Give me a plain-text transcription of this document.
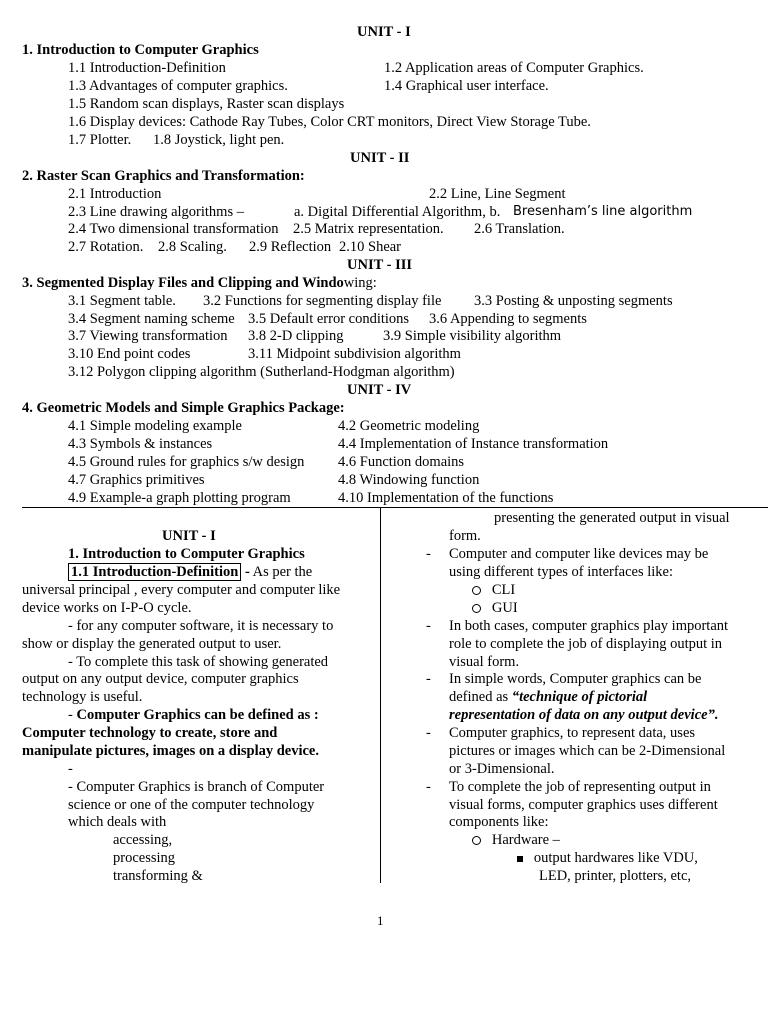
UNIT - I
1. Introduction to Computer Graphics
1.1 Introduction-Definition	1.2 Application areas of Computer Graphics.
1.3 Advantages of computer graphics.	1.4 Graphical user interface.
1.5 Random scan displays, Raster scan displays
1.6 Display devices: Cathode Ray Tubes, Color CRT monitors, Direct View Storage Tube.
1.7 Plotter.      1.8 Joystick, light pen.
UNIT - II
2. Raster Scan Graphics and Transformation:
2.1 Introduction	2.2 Line, Line Segment
2.3 Line drawing algorithms –	a. Digital Differential Algorithm, b. Bresenham’s line algorithm
2.4 Two dimensional transformation 2.5 Matrix representation. 2.6 Translation.
2.7 Rotation. 2.8 Scaling. 2.9 Reflection 2.10 Shear
UNIT - III
3. Segmented Display Files and Clipping and Windowing:
3.1 Segment table. 3.2 Functions for segmenting display file 3.3 Posting & unposting segments
3.4 Segment naming scheme 3.5 Default error conditions 3.6 Appending to segments
3.7 Viewing transformation 3.8 2-D clipping	3.9 Simple visibility algorithm
3.10 End point codes	3.11 Midpoint subdivision algorithm
3.12 Polygon clipping algorithm (Sutherland-Hodgman algorithm)
UNIT - IV
4. Geometric Models and Simple Graphics Package:
4.1 Simple modeling example	4.2 Geometric modeling
4.3 Symbols & instances	4.4 Implementation of Instance transformation
4.5 Ground rules for graphics s/w design 4.6 Function domains
4.7 Graphics primitives	4.8 Windowing function
4.9 Example-a graph plotting program	4.10 Implementation of the functions
UNIT - I
1. Introduction to Computer Graphics
1.1 Introduction-Definition - As per the
universal principal , every computer and computer like
device works on I-P-O cycle.
- for any computer software, it is necessary to
show or display the generated output to user.
- To complete this task of showing generated
output on any output device, computer graphics
technology is useful.
- Computer Graphics can be defined as :
Computer technology to create, store and
manipulate pictures, images on a display device.
-
- Computer Graphics is branch of Computer
science or one of the computer technology
which deals with
accessing,
processing
transforming &
presenting the generated output in visual
form.
- Computer and computer like devices may be
using different types of interfaces like:
CLI
GUI
- In both cases, computer graphics play important
role to complete the job of displaying output in
visual form.
- In simple words, Computer graphics can be
defined as “technique of pictorial
representation of data on any output device”.
- Computer graphics, to represent data, uses
pictures or images which can be 2-Dimensional
or 3-Dimensional.
- To complete the job of representing output in
visual forms, computer graphics uses different
components like:
Hardware –
output hardwares like VDU,
LED, printer, plotters, etc,
1
